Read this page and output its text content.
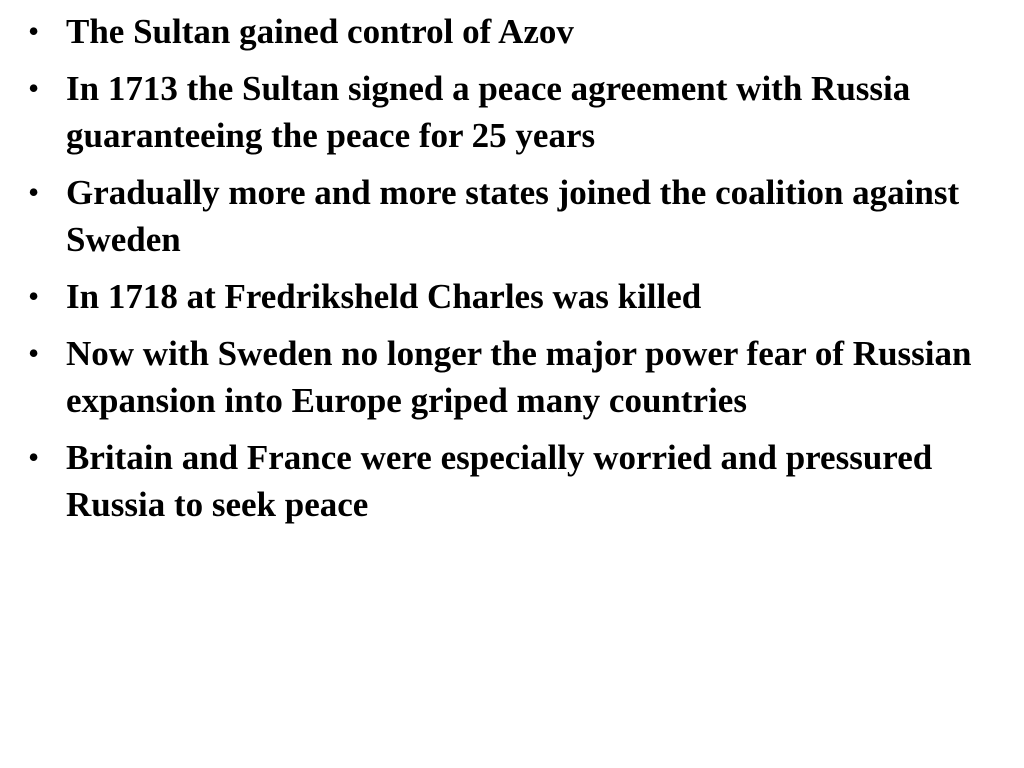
• The Sultan gained control of Azov
• In 1713 the Sultan signed a peace agreement with Russia guaranteeing the peace for 25 years
• Gradually more and more states joined the coalition against Sweden
• In 1718 at Fredriksheld Charles was killed
• Now with Sweden no longer the major power fear of Russian expansion into Europe griped many countries
• Britain and France were especially worried and pressured Russia to seek peace
